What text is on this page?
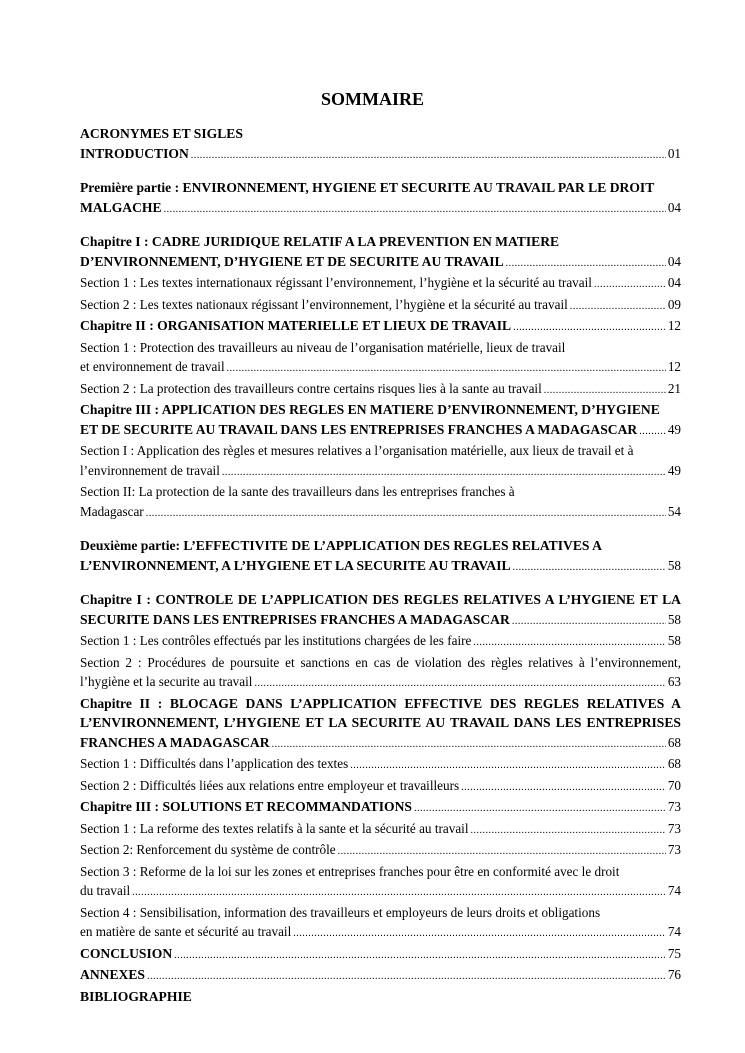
SOMMAIRE
ACRONYMES ET SIGLES
INTRODUCTION .....	01
Première partie : ENVIRONNEMENT, HYGIENE ET SECURITE AU TRAVAIL PAR LE DROIT
MALGACHE .....	04
Chapitre I : CADRE JURIDIQUE RELATIF A LA PREVENTION EN MATIERE
D’ENVIRONNEMENT, D’HYGIENE ET DE SECURITE AU TRAVAIL .....	04
Section 1 : Les textes internationaux régissant l’environnement, l’hygiène et la sécurité au travail .....	04
Section 2 : Les textes nationaux régissant l’environnement, l’hygiène et la sécurité au travail .....	09
Chapitre II : ORGANISATION MATERIELLE ET LIEUX DE TRAVAIL .....	12
Section 1 : Protection des travailleurs au niveau de l’organisation matérielle, lieux de travail
et environnement de travail .....	12
Section 2 : La protection des travailleurs contre certains risques lies à la sante au travail .....	21
Chapitre III : APPLICATION DES REGLES EN MATIERE D’ENVIRONNEMENT, D’HYGIENE
ET DE SECURITE AU TRAVAIL DANS LES ENTREPRISES FRANCHES A MADAGASCAR ..... 49
Section I : Application des règles et mesures relatives a l’organisation matérielle, aux lieux de travail et à
l’environnement de travail .....	49
Section II: La protection de la sante des travailleurs dans les entreprises franches à
Madagascar .....	54
Deuxième partie: L’EFFECTIVITE DE L’APPLICATION DES REGLES RELATIVES A
L’ENVIRONNEMENT, A L’HYGIENE ET LA SECURITE AU TRAVAIL .....	58
Chapitre I : CONTROLE DE L’APPLICATION DES REGLES RELATIVES A L’HYGIENE ET LA
SECURITE DANS LES ENTREPRISES FRANCHES A MADAGASCAR .....	58
Section 1 : Les contrôles effectués par les institutions chargées de les faire .....	58
Section 2 : Procédures de poursuite et sanctions en cas de violation des règles relatives à l’environnement,
l’hygiène et la securite au travail .....	63
Chapitre II : BLOCAGE DANS L’APPLICATION EFFECTIVE DES REGLES RELATIVES A
L’ENVIRONNEMENT, L’HYGIENE ET LA SECURITE AU TRAVAIL DANS LES ENTREPRISES
FRANCHES A MADAGASCAR .....	68
Section 1 : Difficultés dans l’application des textes .....	68
Section 2 : Difficultés liées aux relations entre employeur et travailleurs .....	70
Chapitre III : SOLUTIONS ET RECOMMANDATIONS .....	73
Section 1 : La reforme des textes relatifs à la sante et la sécurité au travail .....	73
Section 2: Renforcement du système de contrôle .....	73
Section 3 : Reforme de la loi sur les zones et entreprises franches pour être en conformité avec le droit
du travail .....	74
Section 4 : Sensibilisation, information des travailleurs et employeurs de leurs droits et obligations
en matière de sante et sécurité au travail .....	74
CONCLUSION .....	75
ANNEXES .....	76
BIBLIOGRAPHIE
